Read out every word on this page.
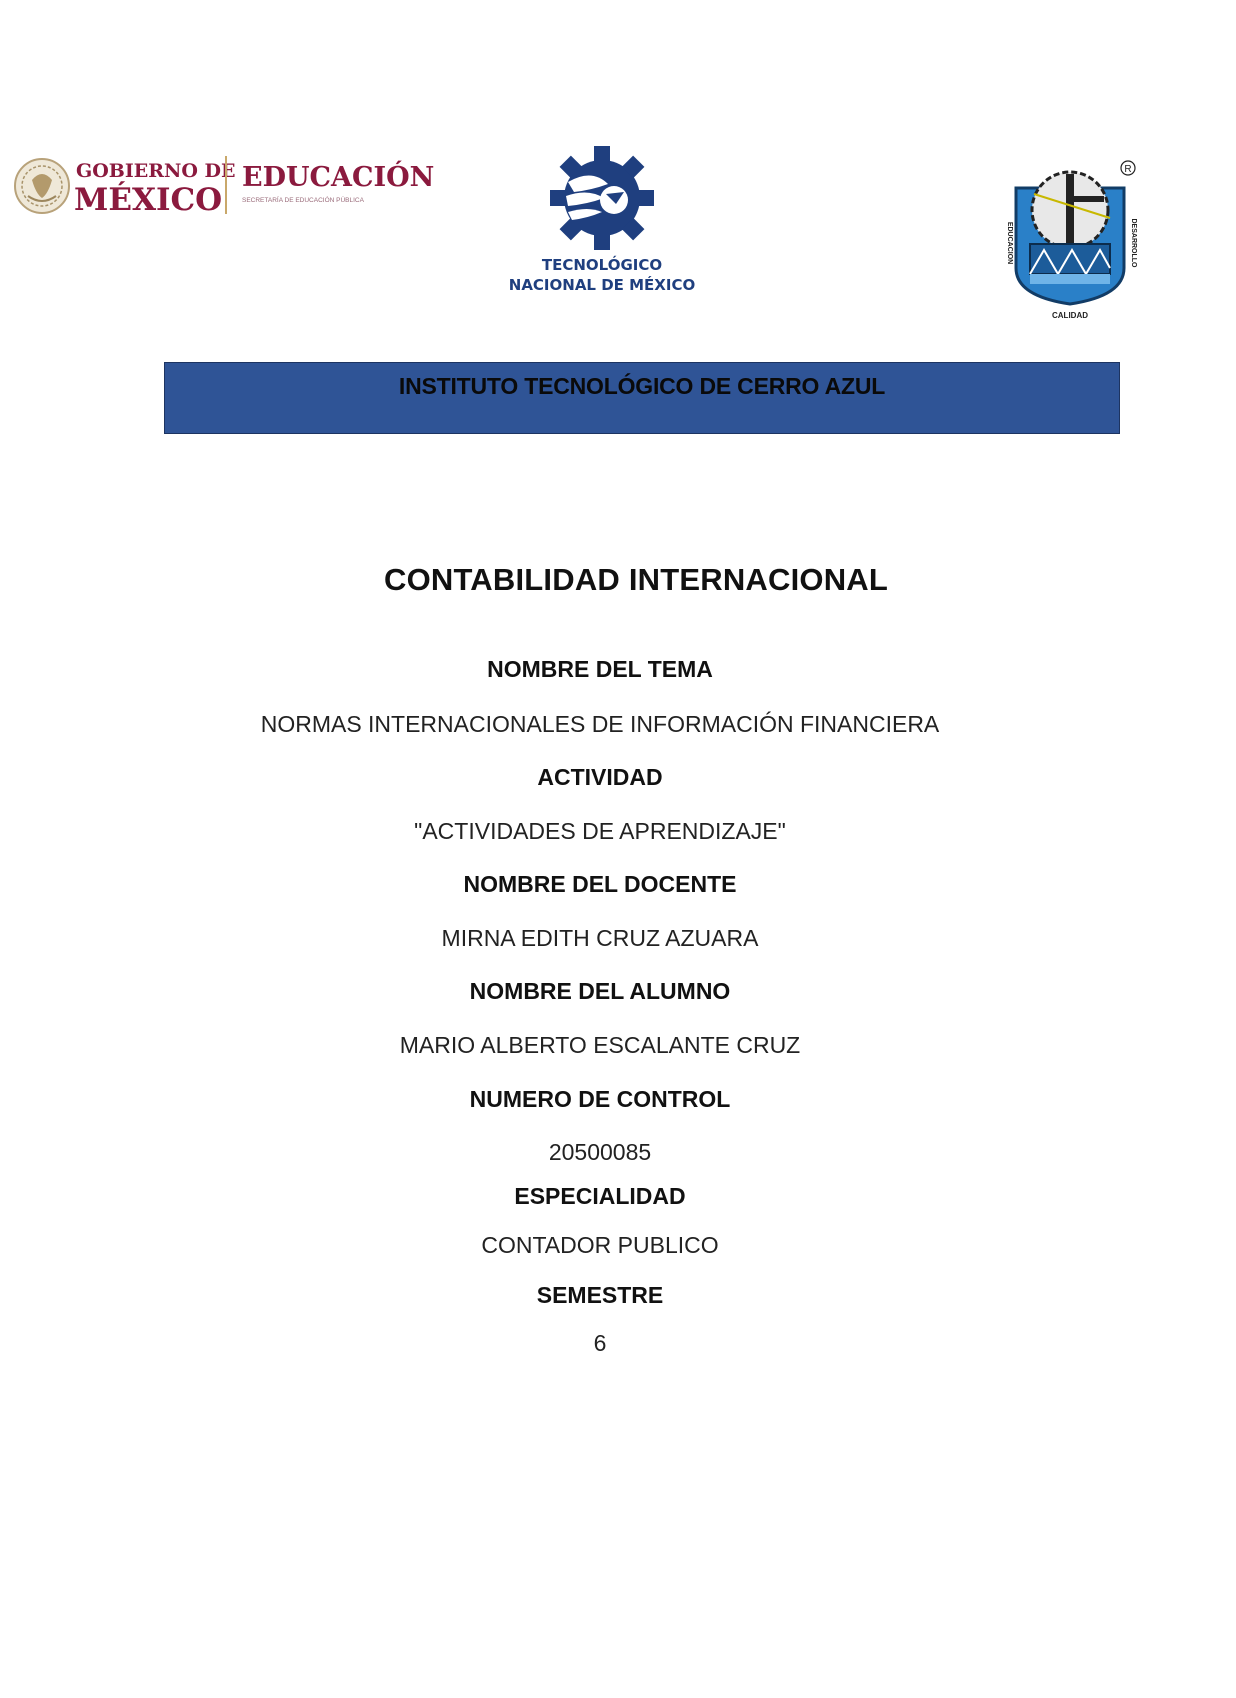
GOBIERNO DE
MÉXICO
EDUCACIÓN
SECRETARÍA DE EDUCACIÓN PÚBLICA
TECNOLÓGICO
NACIONAL DE MÉXICO
EDUCACION	DESARROLLO
CALIDAD
R
INSTITUTO TECNOLÓGICO DE CERRO AZUL
CONTABILIDAD INTERNACIONAL
NOMBRE DEL TEMA
NORMAS INTERNACIONALES DE INFORMACIÓN FINANCIERA
ACTIVIDAD
"ACTIVIDADES DE APRENDIZAJE"
NOMBRE DEL DOCENTE
MIRNA EDITH CRUZ AZUARA
NOMBRE DEL ALUMNO
MARIO ALBERTO ESCALANTE CRUZ
NUMERO DE CONTROL
20500085
ESPECIALIDAD
CONTADOR PUBLICO
SEMESTRE
6
